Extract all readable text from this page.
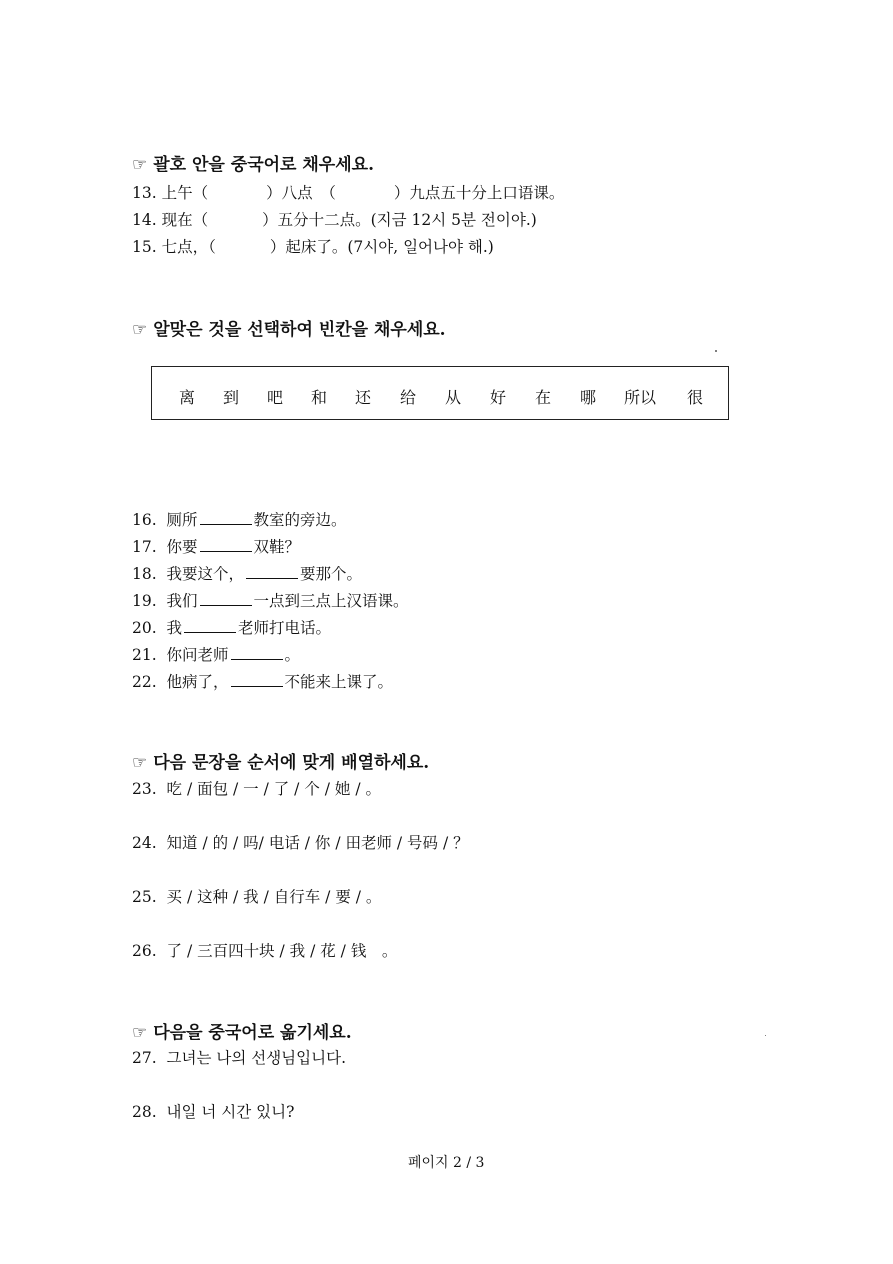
☞ 괄호 안을 중국어로 채우세요.
13. 上午（	）八点　（	）九点五十分上口语课。
14. 现在（	）五分十二点。(지금 12시 5분 전이야.)
15. 七点，（	）起床了。(7시야, 일어나야 해.)
☞ 알맞은 것을 선택하여 빈칸을 채우세요.
离 到 吧 和 还 给 从 好 在 哪 所以 很
16. 厕所	教室的旁边。
17. 你要	双鞋？
18. 我要这个，	要那个。
19. 我们	一点到三点上汉语课。
20. 我	老师打电话。
21. 你问老师	。
22. 他病了，	不能来上课了。
☞ 다음 문장을 순서에 맞게 배열하세요.
23. 吃 / 面包 / 一 / 了 / 个 / 她 / 。
24. 知道 / 的 / 吗/ 电话 / 你 / 田老师 / 号码 / ？
25. 买 / 这种 / 我 / 自行车 / 要 / 。
26. 了 / 三百四十块 / 我 / 花 / 钱　。
☞ 다음을 중국어로 옮기세요.
27. 그녀는 나의 선생님입니다.
28. 내일 너 시간 있니?
페이지 2 / 3
